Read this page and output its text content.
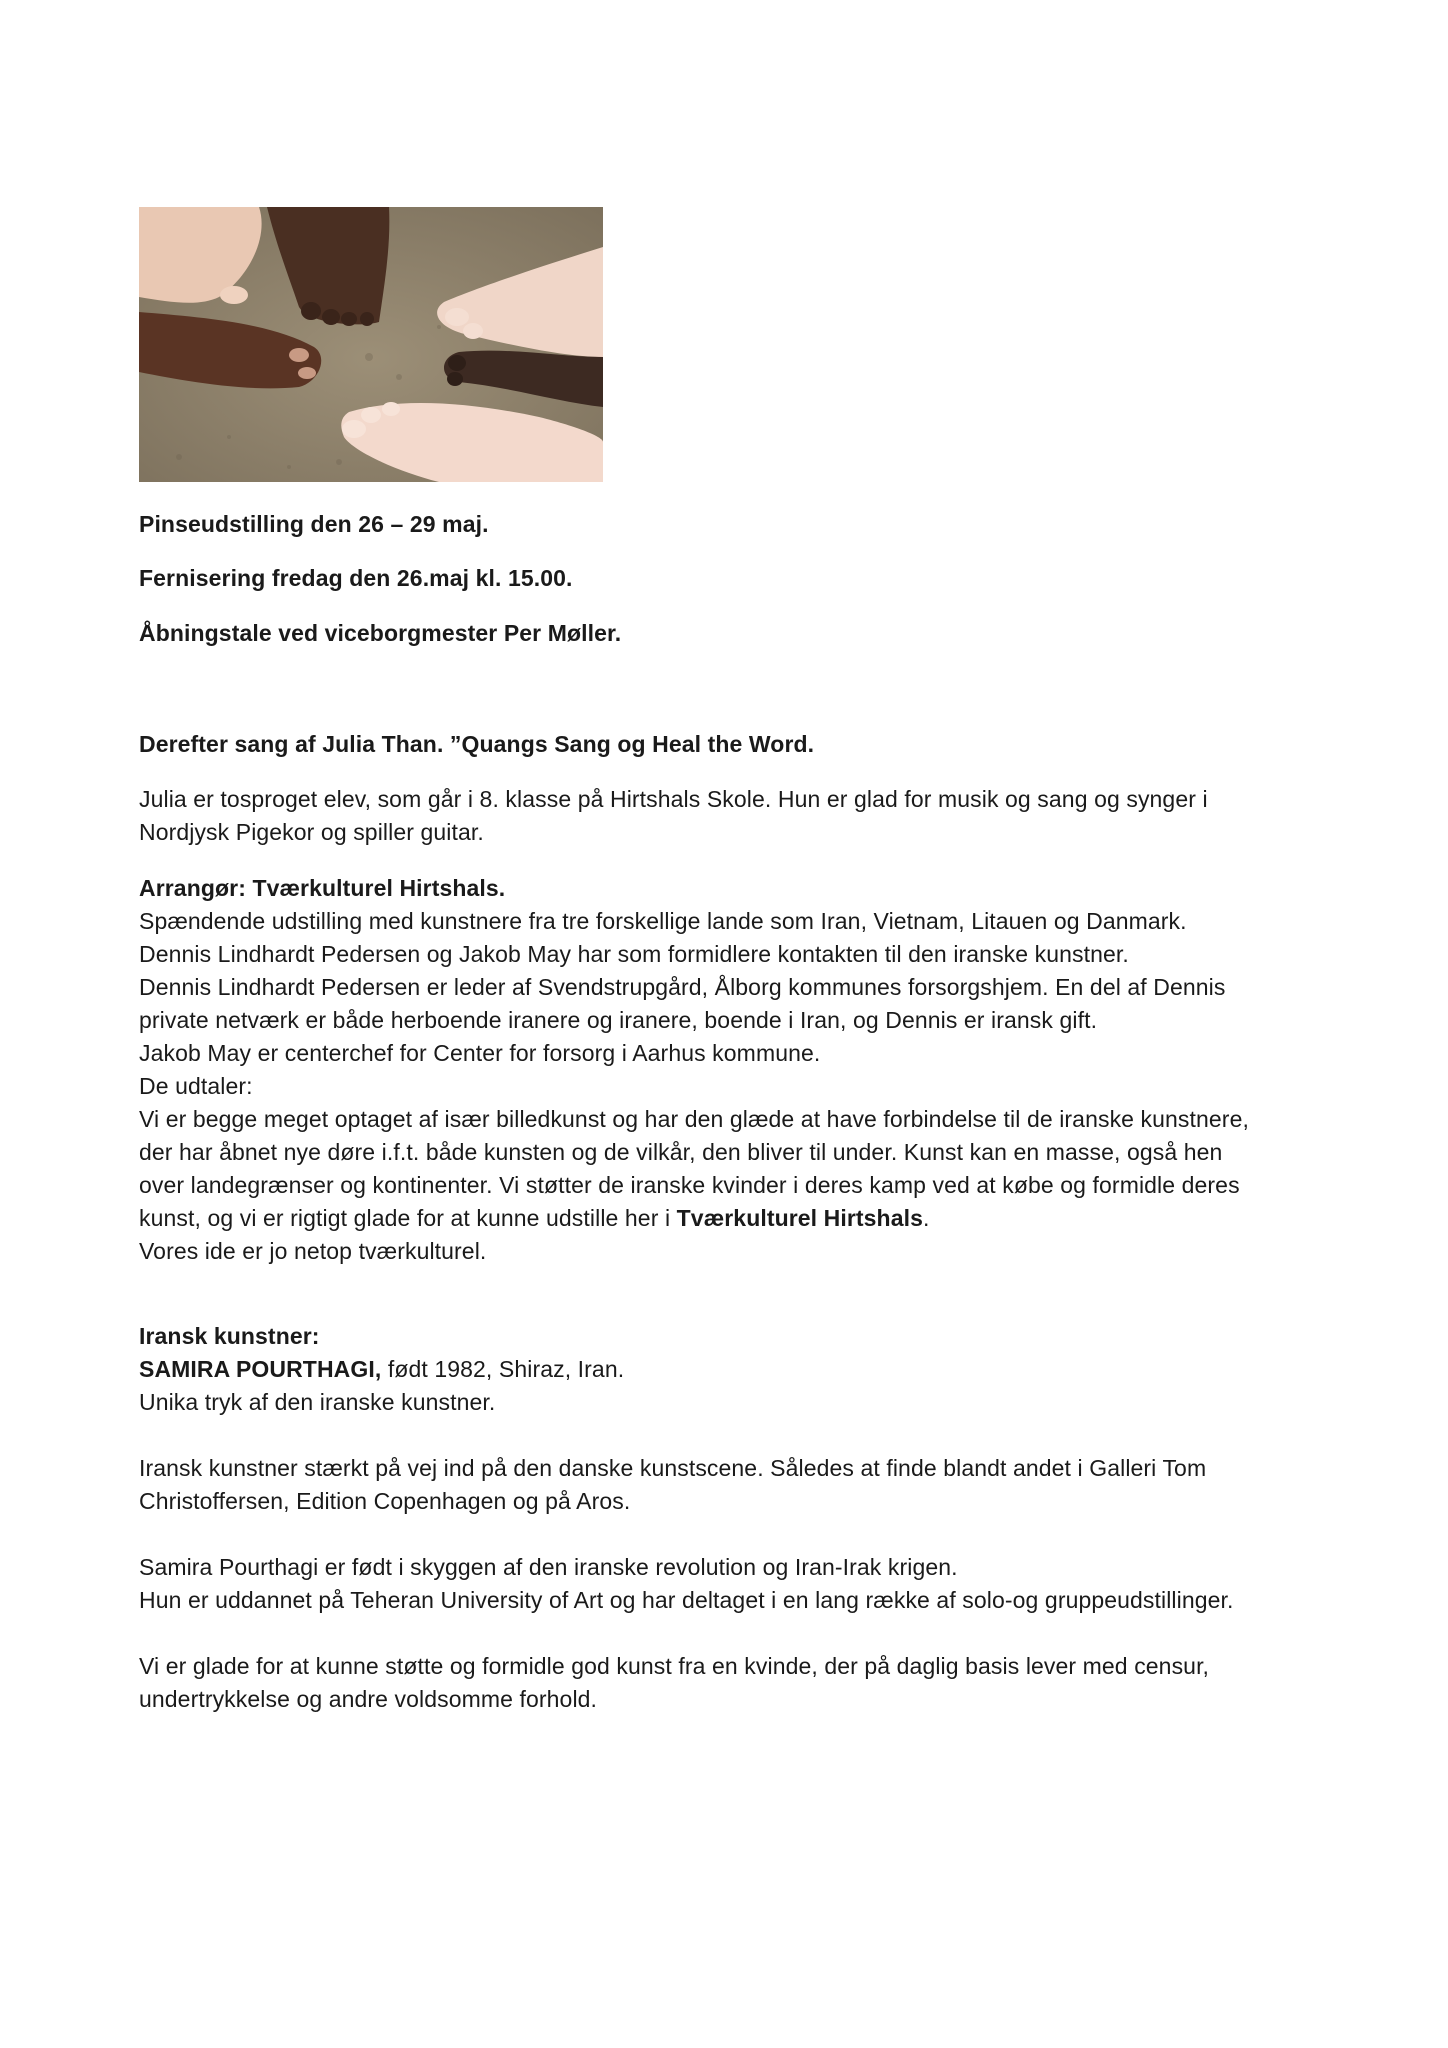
Pinseudstilling den 26 – 29 maj.
Fernisering fredag den 26.maj kl. 15.00.
Åbningstale ved viceborgmester Per Møller.
Derefter sang af Julia Than. ”Quangs Sang og Heal the Word.
Julia er tosproget elev, som går i 8. klasse på Hirtshals Skole. Hun er glad for musik og sang og synger i
Nordjysk Pigekor og spiller guitar.
Arrangør: Tværkulturel Hirtshals.
Spændende udstilling med kunstnere fra tre forskellige lande som Iran, Vietnam, Litauen og Danmark.
Dennis Lindhardt Pedersen og Jakob May har som formidlere kontakten til den iranske kunstner.
Dennis Lindhardt Pedersen er leder af Svendstrupgård, Ålborg kommunes forsorgshjem. En del af Dennis
private netværk er både herboende iranere og iranere, boende i Iran, og Dennis er iransk gift.
Jakob May er centerchef for Center for forsorg i Aarhus kommune.
De udtaler:
Vi er begge meget optaget af især billedkunst og har den glæde at have forbindelse til de iranske kunstnere,
der har åbnet nye døre i.f.t. både kunsten og de vilkår, den bliver til under. Kunst kan en masse, også hen
over landegrænser og kontinenter. Vi støtter de iranske kvinder i deres kamp ved at købe og formidle deres
kunst, og vi er rigtigt glade for at kunne udstille her i Tværkulturel Hirtshals.
Vores ide er jo netop tværkulturel.
Iransk kunstner:
SAMIRA POURTHAGI, født 1982, Shiraz, Iran.
Unika tryk af den iranske kunstner.
Iransk kunstner stærkt på vej ind på den danske kunstscene. Således at finde blandt andet i Galleri Tom
Christoffersen, Edition Copenhagen og på Aros.
Samira Pourthagi er født i skyggen af den iranske revolution og Iran-Irak krigen.
Hun er uddannet på Teheran University of Art og har deltaget i en lang række af solo-og gruppeudstillinger.
Vi er glade for at kunne støtte og formidle god kunst fra en kvinde, der på daglig basis lever med censur,
undertrykkelse og andre voldsomme forhold.
